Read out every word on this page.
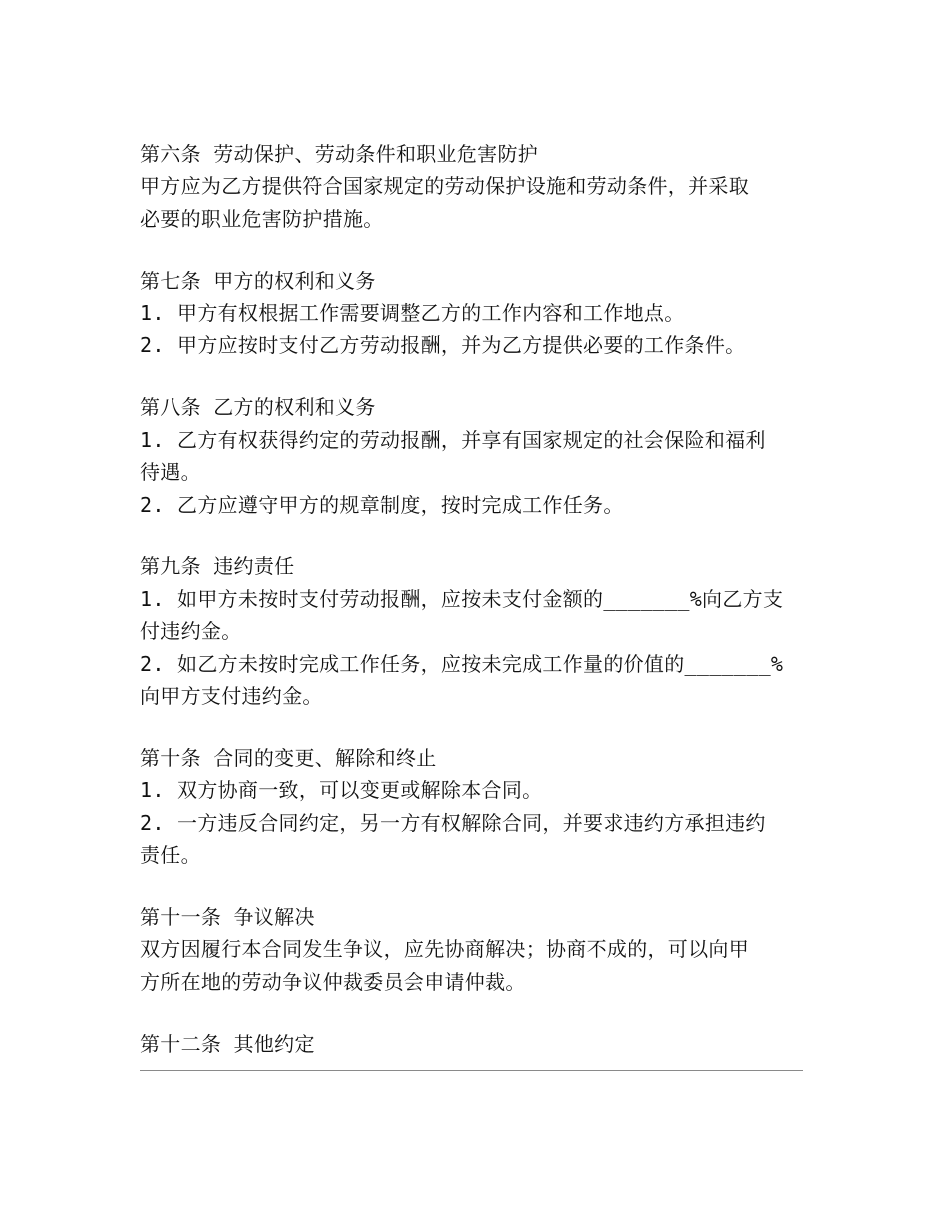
第六条 劳动保护、劳动条件和职业危害防护
甲方应为乙方提供符合国家规定的劳动保护设施和劳动条件，并采取
必要的职业危害防护措施。
第七条 甲方的权利和义务
1. 甲方有权根据工作需要调整乙方的工作内容和工作地点。
2. 甲方应按时支付乙方劳动报酬，并为乙方提供必要的工作条件。
第八条 乙方的权利和义务
1. 乙方有权获得约定的劳动报酬，并享有国家规定的社会保险和福利
待遇。
2. 乙方应遵守甲方的规章制度，按时完成工作任务。
第九条 违约责任
1. 如甲方未按时支付劳动报酬，应按未支付金额的_______%向乙方支
付违约金。
2. 如乙方未按时完成工作任务，应按未完成工作量的价值的_______%
向甲方支付违约金。
第十条 合同的变更、解除和终止
1. 双方协商一致，可以变更或解除本合同。
2. 一方违反合同约定，另一方有权解除合同，并要求违约方承担违约
责任。
第十一条 争议解决
双方因履行本合同发生争议，应先协商解决；协商不成的，可以向甲
方所在地的劳动争议仲裁委员会申请仲裁。
第十二条 其他约定
